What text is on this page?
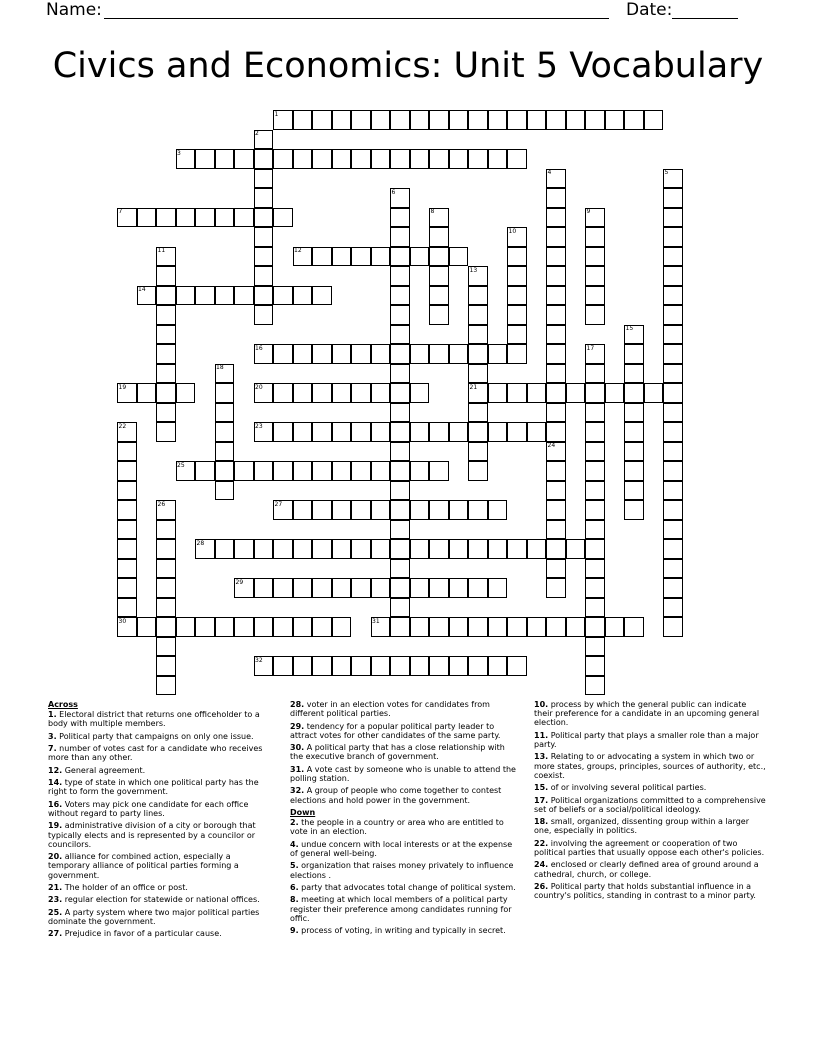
Name:	Date:
Civics and Economics: Unit 5 Vocabulary
1
2
3
4	5
6
7	8	9
10
11	12
13
14
15
16	17
18
19	20	21
22	23
24
25
26	27
28
29
30	31
32
Across
1. Electoral district that returns one officeholder to a body with multiple members.
3. Political party that campaigns on only one issue.
7. number of votes cast for a candidate who receives more than any other.
12. General agreement.
14. type of state in which one political party has the right to form the government.
16. Voters may pick one candidate for each office without regard to party lines.
19. administrative division of a city or borough that typically elects and is represented by a councilor or councilors.
20. alliance for combined action, especially a temporary alliance of political parties forming a government.
21. The holder of an office or post.
23. regular election for statewide or national offices.
25. A party system where two major political parties dominate the government.
27. Prejudice in favor of a particular cause.
28. voter in an election votes for candidates from different political parties.
29. tendency for a popular political party leader to attract votes for other candidates of the same party.
30. A political party that has a close relationship with the executive branch of government.
31. A vote cast by someone who is unable to attend the polling station.
32. A group of people who come together to contest elections and hold power in the government.
Down
2. the people in a country or area who are entitled to vote in an election.
4. undue concern with local interests or at the expense of general well-being.
5. organization that raises money privately to influence elections .
6. party that advocates total change of political system.
8. meeting at which local members of a political party register their preference among candidates running for offic.
9. process of voting, in writing and typically in secret.
10. process by which the general public can indicate their preference for a candidate in an upcoming general election.
11. Political party that plays a smaller role than a major party.
13. Relating to or advocating a system in which two or more states, groups, principles, sources of authority, etc., coexist.
15. of or involving several political parties.
17. Political organizations committed to a comprehensive set of beliefs or a social/political ideology.
18. small, organized, dissenting group within a larger one, especially in politics.
22. involving the agreement or cooperation of two political parties that usually oppose each other's policies.
24. enclosed or clearly defined area of ground around a cathedral, church, or college.
26. Political party that holds substantial influence in a country's politics, standing in contrast to a minor party.
